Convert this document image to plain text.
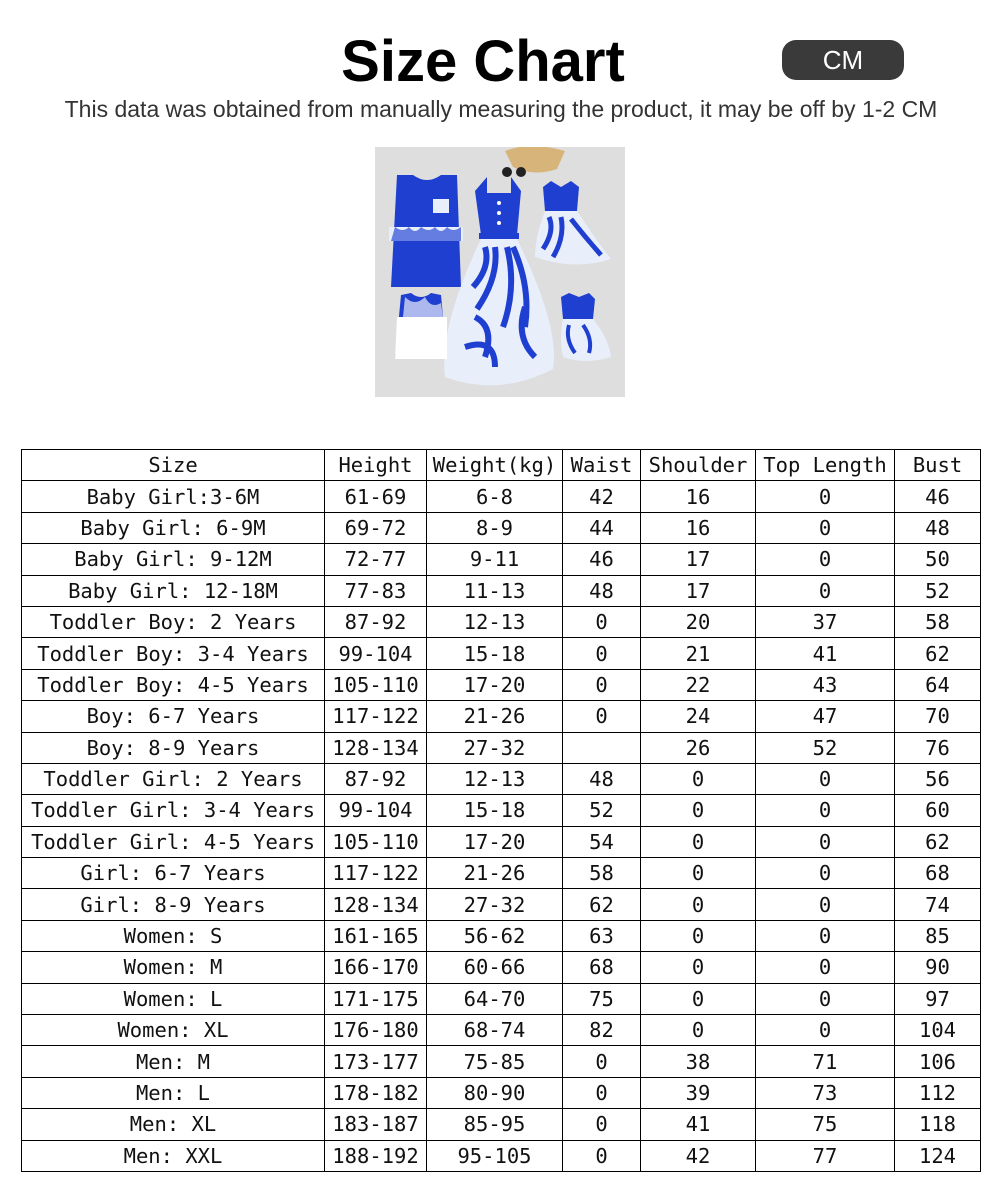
Size Chart	CM
This data was obtained from manually measuring the product, it may be off by 1-2 CM
Size	Height	Weight(kg)	Waist	Shoulder	Top Length	Bust
Baby Girl:3-6M	61-69	6-8	42	16	0	46
Baby Girl: 6-9M	69-72	8-9	44	16	0	48
Baby Girl: 9-12M	72-77	9-11	46	17	0	50
Baby Girl: 12-18M	77-83	11-13	48	17	0	52
Toddler Boy: 2 Years	87-92	12-13	0	20	37	58
Toddler Boy: 3-4 Years	99-104	15-18	0	21	41	62
Toddler Boy: 4-5 Years	105-110	17-20	0	22	43	64
Boy: 6-7 Years	117-122	21-26	0	24	47	70
Boy: 8-9 Years	128-134	27-32		26	52	76
Toddler Girl: 2 Years	87-92	12-13	48	0	0	56
Toddler Girl: 3-4 Years	99-104	15-18	52	0	0	60
Toddler Girl: 4-5 Years	105-110	17-20	54	0	0	62
Girl: 6-7 Years	117-122	21-26	58	0	0	68
Girl: 8-9 Years	128-134	27-32	62	0	0	74
Women: S	161-165	56-62	63	0	0	85
Women: M	166-170	60-66	68	0	0	90
Women: L	171-175	64-70	75	0	0	97
Women: XL	176-180	68-74	82	0	0	104
Men: M	173-177	75-85	0	38	71	106
Men: L	178-182	80-90	0	39	73	112
Men: XL	183-187	85-95	0	41	75	118
Men: XXL	188-192	95-105	0	42	77	124
